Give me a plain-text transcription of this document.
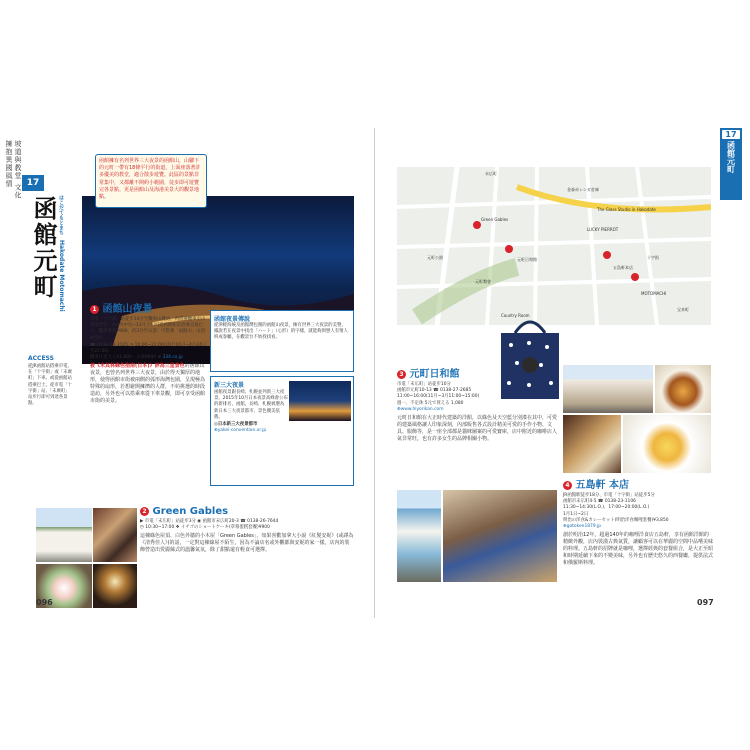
17
擁抱異國風情 坡道與教堂 文化
函館元町 はこだてもとまち
Hakodate Motomachi
函館擁有名列世界三大夜景的函館山，山腳下的元町一帶有18條平行的街道，上面座落著許多優美的教堂，適合散步遊覽。此區的景點非常集中，又都離不開約小範圍，徒步即可遊覽完各景點。更是函館山及海港美景大的觀景地點。
ACCESS
從JR函館站搭乘市電，在「十字街」或「末廣町」下車。或從函館站搭乘巴士。從市電「十字街」站、「末廣町」站步行即可到達各景點。
1 函館山夜景
市電「十字街」站徒步10分至纜車山麓站，再搭乘纜車至山頂展望台；約4月中旬~11月上旬可從函館駅前搭乘直通巴士；纜車單程¥900，約3分至山頂；可搭乘「函館山」山頂展望台
☎ 0138-23-3105 ◷ 10:00~22:00(10月16日~4月24日至21:00)
纜車往返大人¥1,800・小孩¥900 ⊕ 334.co.jp
被《米其林綠色指南(日本)》評為三星景色的函館山夜景，也曾名列世界三大夜景，由於得天獨厚的地形，使得函館市街被兩側的弧形海灣包圍，呈現極為特殊的扇形，若想避開擁擠的人群，不妨挑選的時段造訪，另外也可以搭乘車從下車景觀，即可享受函館市街的美景。
函館夜景傳說
從津軽海峽及函館灣包圍的函館山夜景，擁有世界三大夜景的美譽，據說若在夜景中找出「ハート」（心形）的字樣，就能夠與戀人有情人終成眷屬，在觀景台不妨找找看。
新三大夜景
函館夜景跟長崎、札幌並列新三大夜景。2015年10月日本夜景高峰會公布的新排名，函館、長崎、札幌被選為新日本三大夜景都市，景色優美依舊。
◎日本新三大夜景都市
⊕yakei-convention.or.jp
2 Green Gables
▶ 市電「末広町」站徒步3分 ◉ 函館市末広町20-3 ☎ 0138-26-7644
◷ 10:30~17:00 ❖ イチゴのショートケーキ(草莓蛋糕套餐)¥900
這棟綠色屋頂、白色外牆的小木屋「Green Gables」，如果喜歡加拿大小說《紅髮安妮》(或譯為《清秀佳人》)的話，一定對這棟綠屋不陌生，因為不論店名或外觀都與安妮的家一樣。店內的裝飾營造出愛麗絲式的溫馨氣氛，除了甜點還有輕食可選擇。
096
17
函館元町
末広町
十字街
宝来町
元町公園
元町教會
金森赤レンガ倉庫
Country Room
Green Gables
元町日和館
五島軒本店
LUCKY PIERROT
The Glass Studio in Hakodate
MOTOMACHI
3 元町日和館
市電「末広町」站徒步10分
函館市元町10-13 ☎ 0138-27-2685
11:00~16:00(11月~3月11:00~15:00)
週一、不定休 5元で買える 1,080
⊕www.hiyorikan.com
元町日和館在大正時代建築的洋館，以綠色及天空藍分別漆在其中，可愛的建築風格讓人印象深刻，內部販售各式設計精美可愛的手作小物、文具、服飾等，是一座全部都是貓咪圖案的可愛寶庫，店中附近的咖啡店人氣非常旺，也有許多女生的品牌相關小物。
4 五島軒 本店
JR函館駅徒步18分、市電「十字街」站徒步5分
函館市末広町4-5 ☎ 0138-23-1106
11:30~14:30(L.O.)、17:00~20:00(L.O.)
1月1日~2日
明治の洋食&カレーセット(明治洋食咖哩套餐)¥3,850
⊕gotoken1879.jp
創於明治12年，超過140年的咖哩洋食店五島軒，享有函館洋館的精緻外觀，店內裝潢古典氣質，讓顧客可以在華麗的空間中品嚐美味的料理。五島軒的招牌就是咖哩，選擇經典的套餐組合，是大正至昭和時期延續下來的不變美味，另外也有歷史悠久的西餐廳，提供法式和俄羅斯料理。
097
